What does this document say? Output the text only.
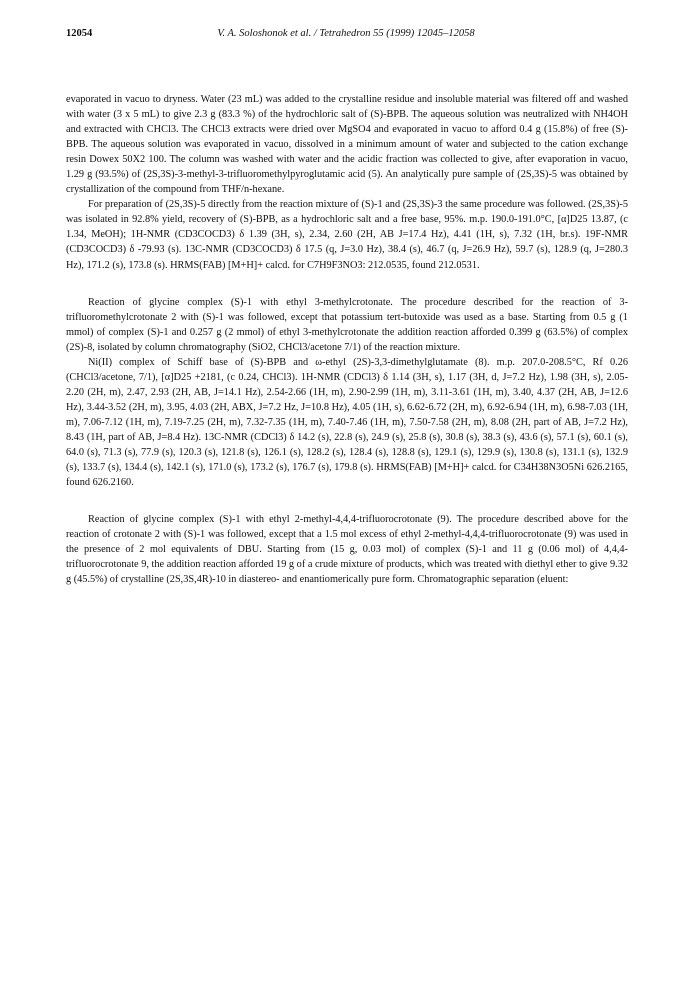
12054	V. A. Soloshonok et al. / Tetrahedron 55 (1999) 12045–12058

evaporated in vacuo to dryness. Water (23 mL) was added to the crystalline residue and insoluble material was filtered off and washed with water (3 x 5 mL) to give 2.3 g (83.3 %) of the hydrochloric salt of (S)-BPB. The aqueous solution was neutralized with NH4OH and extracted with CHCl3. The CHCl3 extracts were dried over MgSO4 and evaporated in vacuo to afford 0.4 g (15.8%) of free (S)-BPB. The aqueous solution was evaporated in vacuo, dissolved in a minimum amount of water and subjected to the cation exchange resin Dowex 50X2 100. The column was washed with water and the acidic fraction was collected to give, after evaporation in vacuo, 1.29 g (93.5%) of (2S,3S)-3-methyl-3-trifluoromethylpyroglutamic acid (5). An analytically pure sample of (2S,3S)-5 was obtained by crystallization of the compound from THF/n-hexane.

For preparation of (2S,3S)-5 directly from the reaction mixture of (S)-1 and (2S,3S)-3 the same procedure was followed. (2S,3S)-5 was isolated in 92.8% yield, recovery of (S)-BPB, as a hydrochloric salt and a free base, 95%. m.p. 190.0-191.0°C, [α]D25 13.87, (c 1.34, MeOH); 1H-NMR (CD3COCD3) δ 1.39 (3H, s), 2.34, 2.60 (2H, AB J=17.4 Hz), 4.41 (1H, s), 7.32 (1H, br.s). 19F-NMR (CD3COCD3) δ -79.93 (s). 13C-NMR (CD3COCD3) δ 17.5 (q, J=3.0 Hz), 38.4 (s), 46.7 (q, J=26.9 Hz), 59.7 (s), 128.9 (q, J=280.3 Hz), 171.2 (s), 173.8 (s). HRMS(FAB) [M+H]+ calcd. for C7H9F3NO3: 212.0535, found 212.0531.

Reaction of glycine complex (S)-1 with ethyl 3-methylcrotonate. The procedure described for the reaction of 3-trifluoromethylcrotonate 2 with (S)-1 was followed, except that potassium tert-butoxide was used as a base. Starting from 0.5 g (1 mmol) of complex (S)-1 and 0.257 g (2 mmol) of ethyl 3-methylcrotonate the addition reaction afforded 0.399 g (63.5%) of complex (2S)-8, isolated by column chromatography (SiO2, CHCl3/acetone 7/1) of the reaction mixture.

Ni(II) complex of Schiff base of (S)-BPB and ω-ethyl (2S)-3,3-dimethylglutamate (8). m.p. 207.0-208.5°C, Rf 0.26 (CHCl3/acetone, 7/1), [α]D25 +2181, (c 0.24, CHCl3). 1H-NMR (CDCl3) δ 1.14 (3H, s), 1.17 (3H, d, J=7.2 Hz), 1.98 (3H, s), 2.05-2.20 (2H, m), 2.47, 2.93 (2H, AB, J=14.1 Hz), 2.54-2.66 (1H, m), 2.90-2.99 (1H, m), 3.11-3.61 (1H, m), 3.40, 4.37 (2H, AB, J=12.6 Hz), 3.44-3.52 (2H, m), 3.95, 4.03 (2H, ABX, J=7.2 Hz, J=10.8 Hz), 4.05 (1H, s), 6.62-6.72 (2H, m), 6.92-6.94 (1H, m), 6.98-7.03 (1H, m), 7.06-7.12 (1H, m), 7.19-7.25 (2H, m), 7.32-7.35 (1H, m), 7.40-7.46 (1H, m), 7.50-7.58 (2H, m), 8.08 (2H, part of AB, J=7.2 Hz), 8.43 (1H, part of AB, J=8.4 Hz). 13C-NMR (CDCl3) δ 14.2 (s), 22.8 (s), 24.9 (s), 25.8 (s), 30.8 (s), 38.3 (s), 43.6 (s), 57.1 (s), 60.1 (s), 64.0 (s), 71.3 (s), 77.9 (s), 120.3 (s), 121.8 (s), 126.1 (s), 128.2 (s), 128.4 (s), 128.8 (s), 129.1 (s), 129.9 (s), 130.8 (s), 131.1 (s), 132.9 (s), 133.7 (s), 134.4 (s), 142.1 (s), 171.0 (s), 173.2 (s), 176.7 (s), 179.8 (s). HRMS(FAB) [M+H]+ calcd. for C34H38N3O5Ni 626.2165, found 626.2160.

Reaction of glycine complex (S)-1 with ethyl 2-methyl-4,4,4-trifluorocrotonate (9). The procedure described above for the reaction of crotonate 2 with (S)-1 was followed, except that a 1.5 mol excess of ethyl 2-methyl-4,4,4-trifluorocrotonate (9) was used in the presence of 2 mol equivalents of DBU. Starting from (15 g, 0.03 mol) of complex (S)-1 and 11 g (0.06 mol) of 4,4,4-trifluorocrotonate 9, the addition reaction afforded 19 g of a crude mixture of products, which was treated with diethyl ether to give 9.32 g (45.5%) of crystalline (2S,3S,4R)-10 in diastereo- and enantiomerically pure form. Chromatographic separation (eluent:
